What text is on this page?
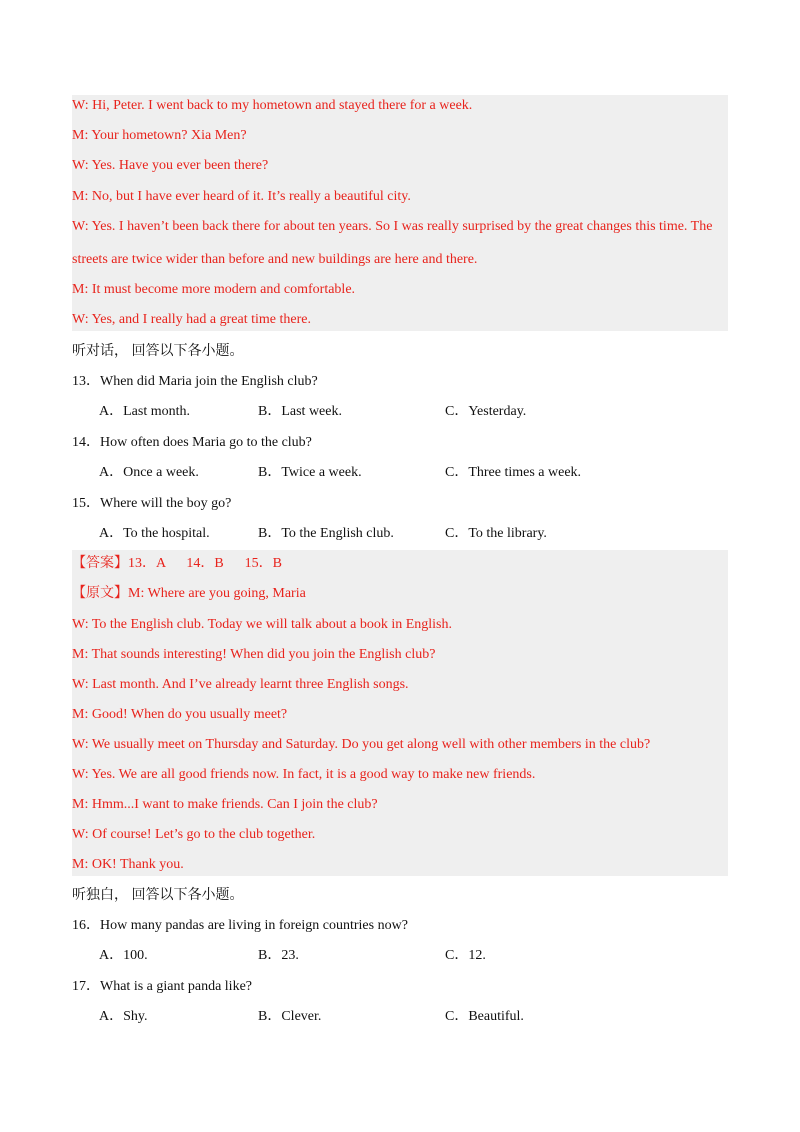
W: Hi, Peter. I went back to my hometown and stayed there for a week.
M: Your hometown? Xia Men?
W: Yes. Have you ever been there?
M: No, but I have ever heard of it. It’s really a beautiful city.
W: Yes. I haven’t been back there for about ten years. So I was really surprised by the great changes this time. The
streets are twice wider than before and new buildings are here and there.
M: It must become more modern and comfortable.
W: Yes, and I really had a great time there.
听对话， 回答以下各小题。
13．When did Maria join the English club?
A．Last month.	B．Last week.	C．Yesterday.
14．How often does Maria go to the club?
A．Once a week.	B．Twice a week.	C．Three times a week.
15．Where will the boy go?
A．To the hospital.	B．To the English club.	C．To the library.
【答案】13．A      14．B      15．B
【原文】M: Where are you going, Maria
W: To the English club. Today we will talk about a book in English.
M: That sounds interesting! When did you join the English club?
W: Last month. And I’ve already learnt three English songs.
M: Good! When do you usually meet?
W: We usually meet on Thursday and Saturday. Do you get along well with other members in the club?
W: Yes. We are all good friends now. In fact, it is a good way to make new friends.
M: Hmm...I want to make friends. Can I join the club?
W: Of course! Let’s go to the club together.
M: OK! Thank you.
听独白， 回答以下各小题。
16．How many pandas are living in foreign countries now?
A．100.	B．23.	C．12.
17．What is a giant panda like?
A．Shy.	B．Clever.	C．Beautiful.
